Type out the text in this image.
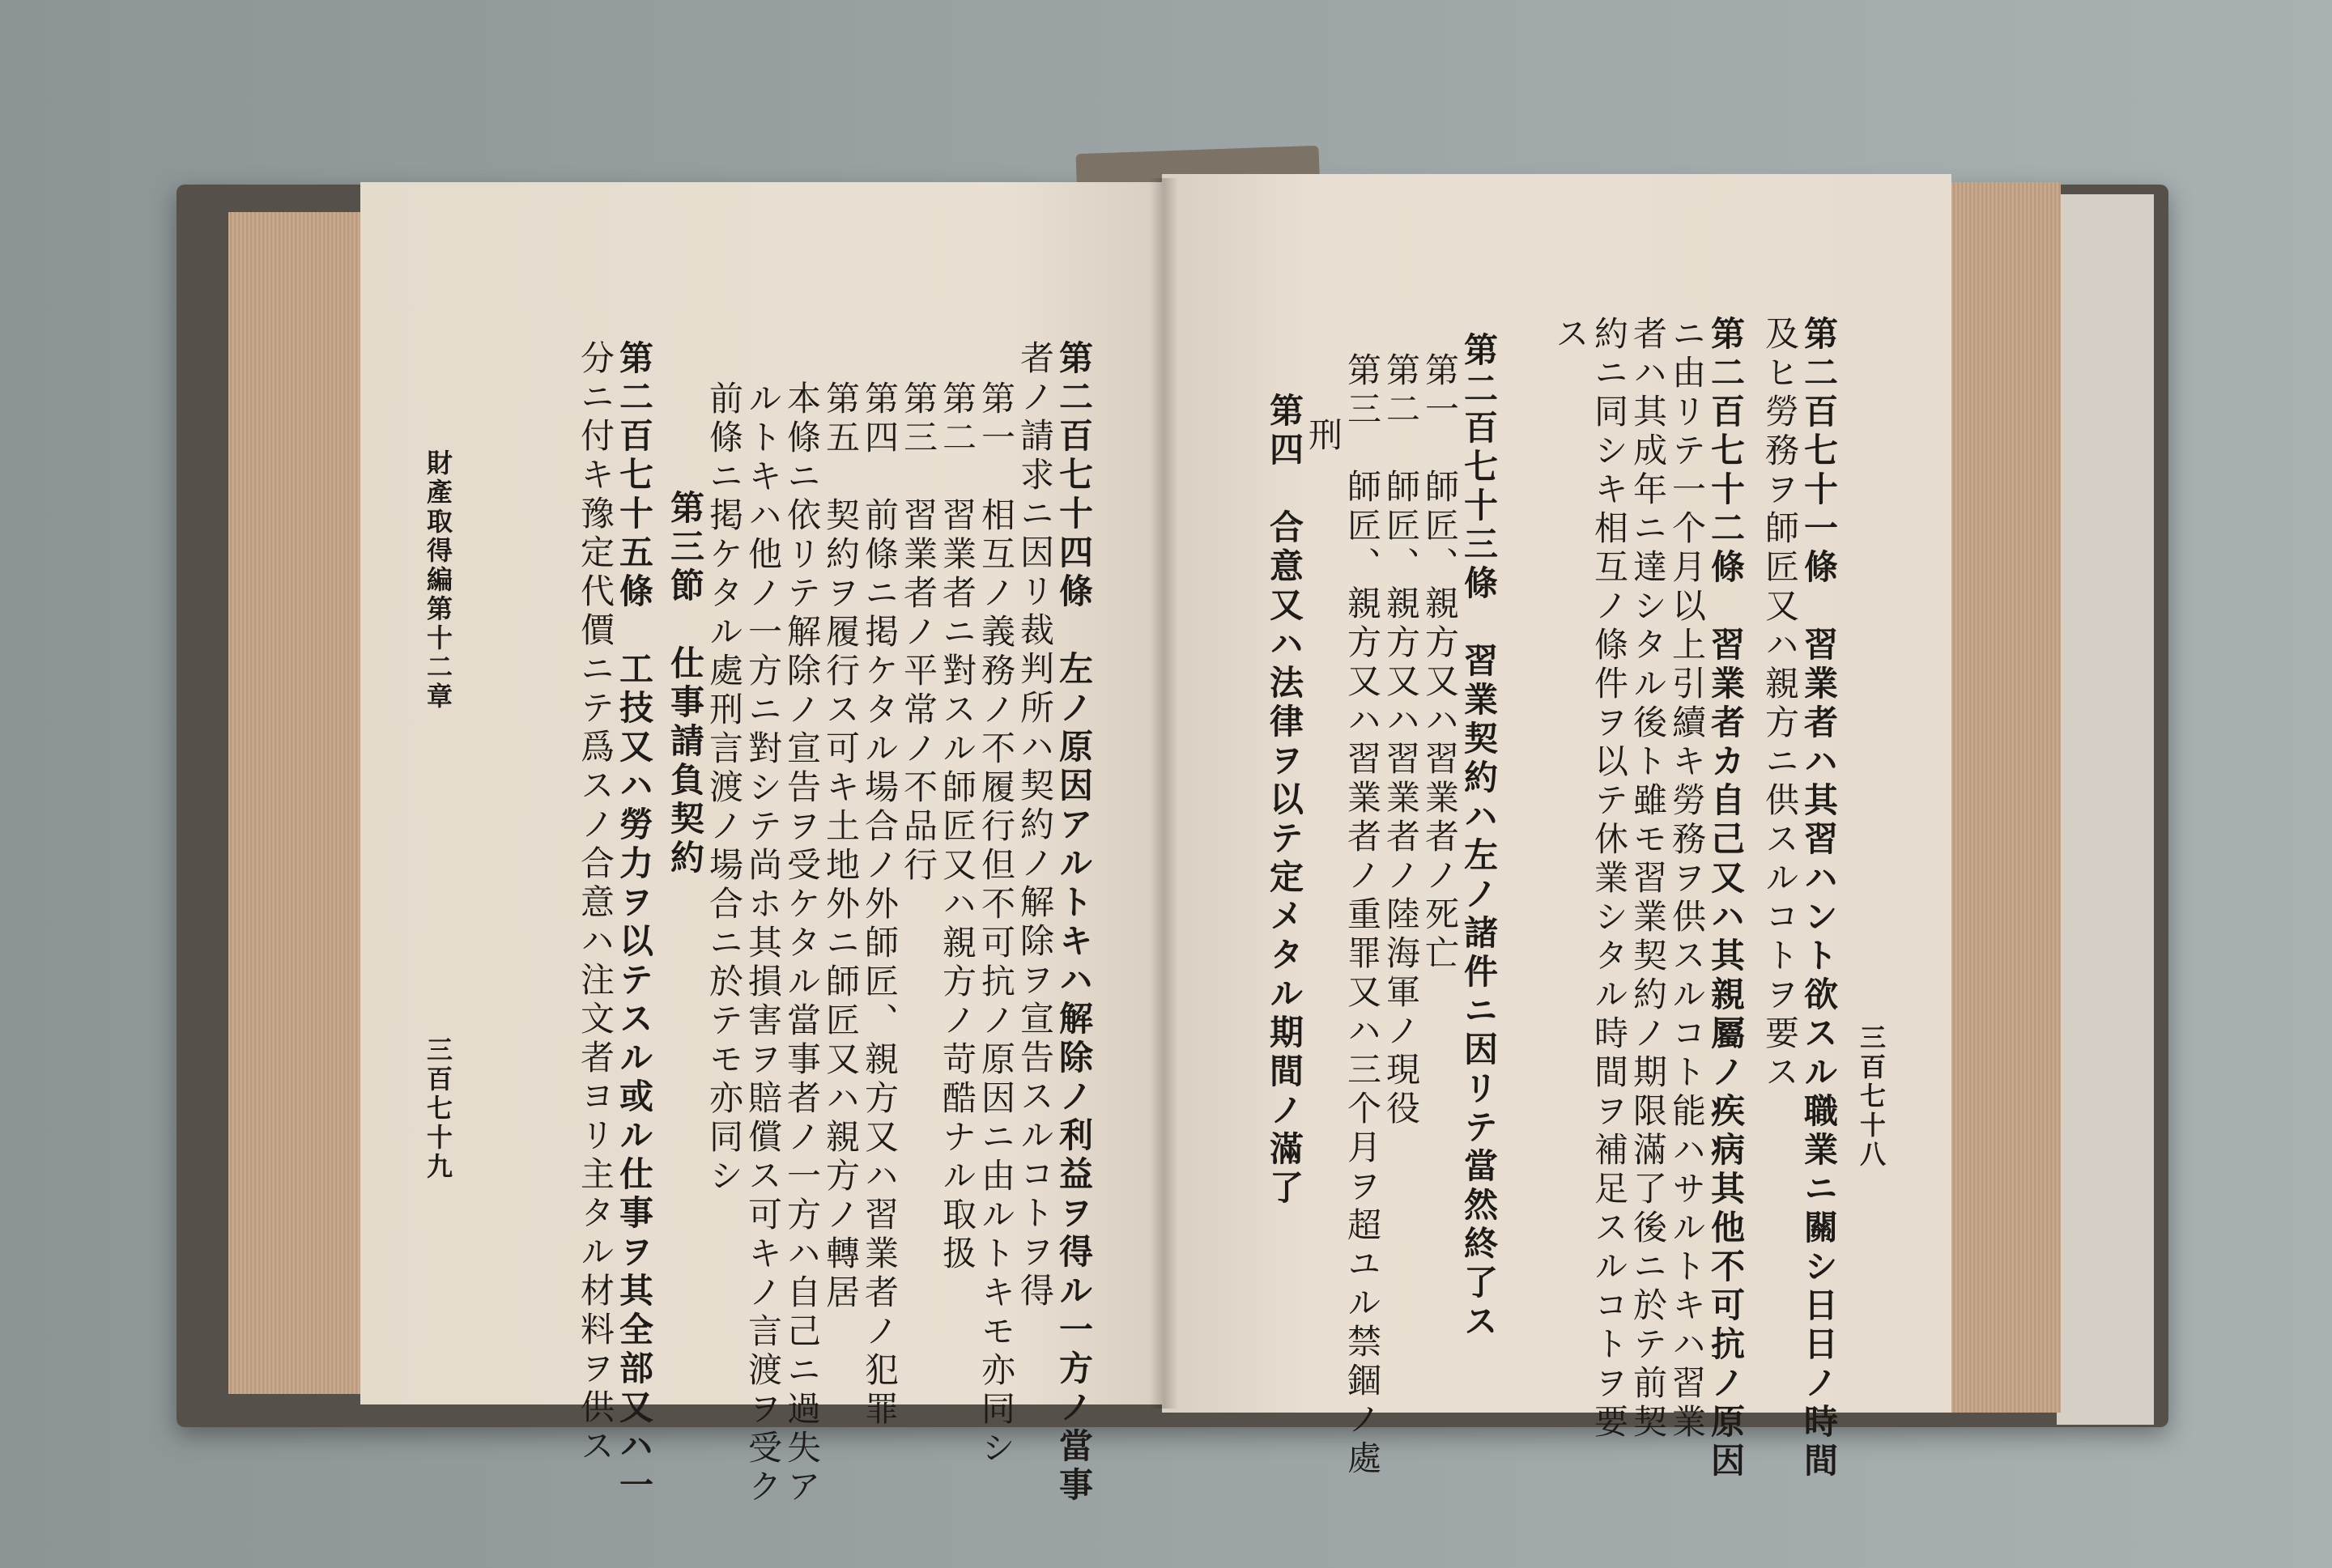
第二百七十一條　習業者ハ其習ハント欲スル職業ニ關シ日日ノ時間
及ヒ勞務ヲ師匠又ハ親方ニ供スルコトヲ要ス
第二百七十二條　習業者カ自己又ハ其親屬ノ疾病其他不可抗ノ原因
ニ由リテ一个月以上引續キ勞務ヲ供スルコト能ハサルトキハ習業
者ハ其成年ニ達シタル後ト雖モ習業契約ノ期限滿了後ニ於テ前契
約ニ同シキ相互ノ條件ヲ以テ休業シタル時間ヲ補足スルコトヲ要
ス
第二百七十三條　習業契約ハ左ノ諸件ニ因リテ當然終了ス
第一　師匠、親方又ハ習業者ノ死亡
第二　師匠、親方又ハ習業者ノ陸海軍ノ現役
第三　師匠、親方又ハ習業者ノ重罪又ハ三个月ヲ超ユル禁錮ノ處
刑
第四　合意又ハ法律ヲ以テ定メタル期間ノ滿了	三百七十八
第二百七十四條　左ノ原因アルトキハ解除ノ利益ヲ得ル一方ノ當事
者ノ請求ニ因リ裁判所ハ契約ノ解除ヲ宣告スルコトヲ得
第一　相互ノ義務ノ不履行但不可抗ノ原因ニ由ルトキモ亦同シ
第二　習業者ニ對スル師匠又ハ親方ノ苛酷ナル取扱
第三　習業者ノ平常ノ不品行
第四　前條ニ掲ケタル場合ノ外師匠、親方又ハ習業者ノ犯罪
第五　契約ヲ履行ス可キ土地外ニ師匠又ハ親方ノ轉居
本條ニ依リテ解除ノ宣告ヲ受ケタル當事者ノ一方ハ自己ニ過失ア
ルトキハ他ノ一方ニ對シテ尚ホ其損害ヲ賠償ス可キノ言渡ヲ受ク
前條ニ掲ケタル處刑言渡ノ場合ニ於テモ亦同シ
第三節　仕事請負契約
第二百七十五條　工技又ハ勞力ヲ以テスル或ル仕事ヲ其全部又ハ一
分ニ付キ豫定代價ニテ爲スノ合意ハ注文者ヨリ主タル材料ヲ供ス
財產取得編第十二章
三百七十九
